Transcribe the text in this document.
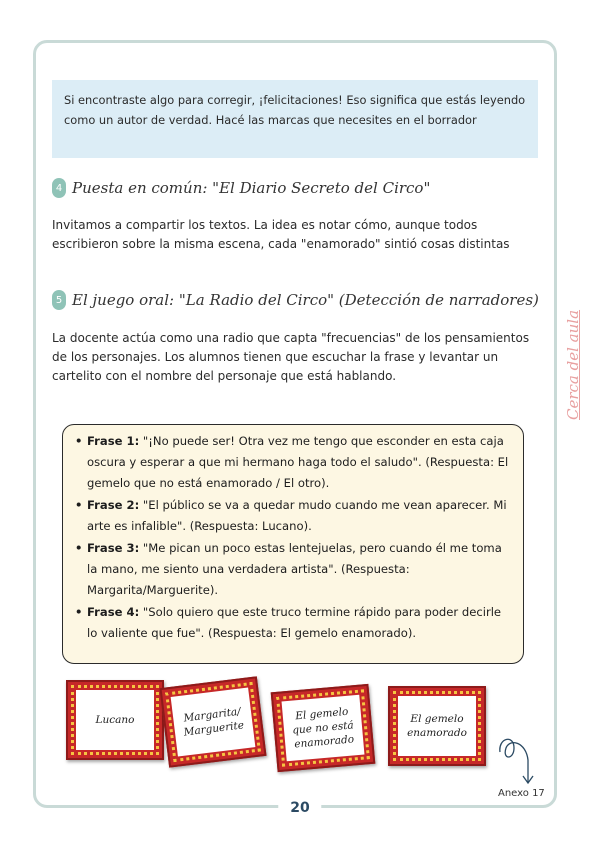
Si encontraste algo para corregir, ¡felicitaciones! Eso significa que estás leyendo como un autor de verdad. Hacé las marcas que necesites en el borrador
4 Puesta en común: "El Diario Secreto del Circo"
Invitamos a compartir los textos. La idea es notar cómo, aunque todos escribieron sobre la misma escena, cada "enamorado" sintió cosas distintas
5 El juego oral: "La Radio del Circo" (Detección de narradores)
La docente actúa como una radio que capta "frecuencias" de los pensamientos de los personajes. Los alumnos tienen que escuchar la frase y levantar un cartelito con el nombre del personaje que está hablando.
• Frase 1: "¡No puede ser! Otra vez me tengo que esconder en esta caja oscura y esperar a que mi hermano haga todo el saludo". (Respuesta: El gemelo que no está enamorado / El otro).
• Frase 2: "El público se va a quedar mudo cuando me vean aparecer. Mi arte es infalible". (Respuesta: Lucano).
• Frase 3: "Me pican un poco estas lentejuelas, pero cuando él me toma la mano, me siento una verdadera artista". (Respuesta: Margarita/Marguerite).
• Frase 4: "Solo quiero que este truco termine rápido para poder decirle lo valiente que fue". (Respuesta: El gemelo enamorado).
Lucano	Margarita/ Marguerite
El gemelo que no está enamorado
El gemelo enamorado
Anexo 17
Cerca del aula
20
